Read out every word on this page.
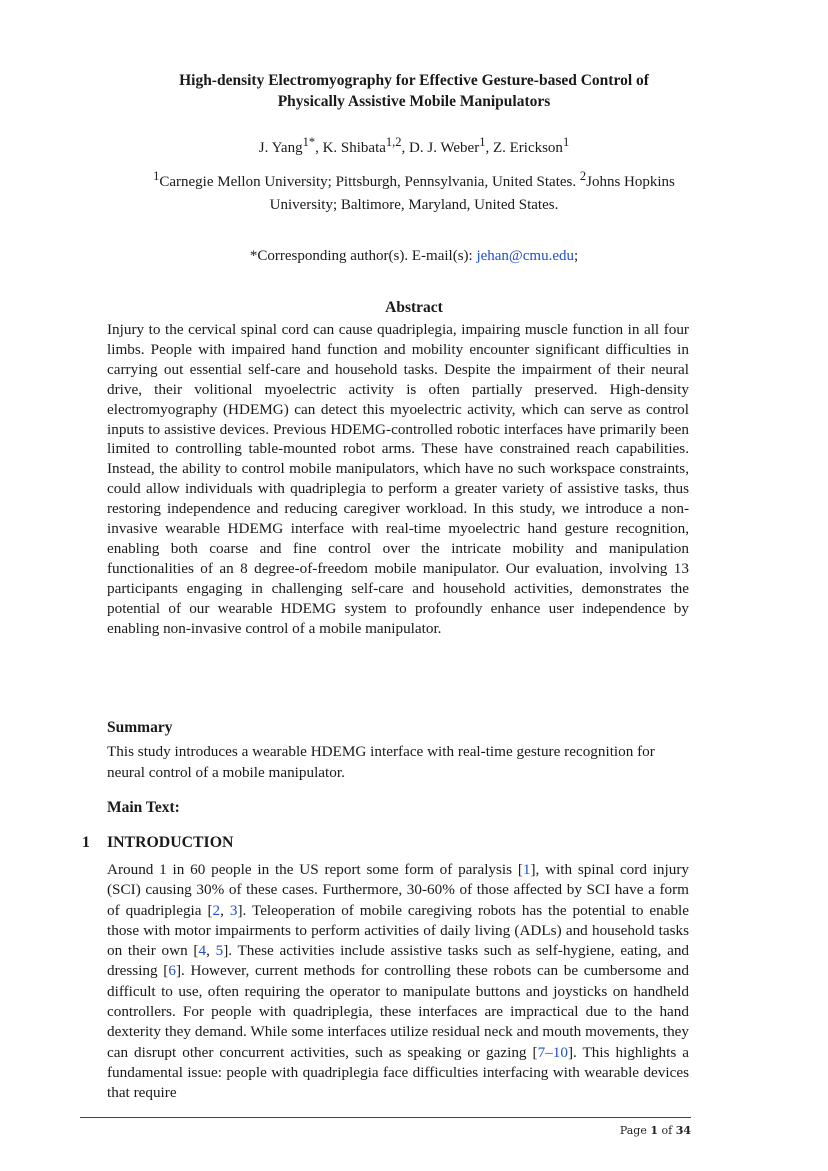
High-density Electromyography for Effective Gesture-based Control of
Physically Assistive Mobile Manipulators
J. Yang$^{1*}$, K. Shibata$^{1,2}$, D. J. Weber$^1$, Z. Erickson$^1$
$^1$Carnegie Mellon University; Pittsburgh, Pennsylvania, United States. $^2$Johns Hopkins
University; Baltimore, Maryland, United States.
*Corresponding author(s). E-mail(s): jehan@cmu.edu;
Abstract

Injury to the cervical spinal cord can cause quadriplegia, impairing muscle function in all four limbs. People with impaired hand function and mobility encounter significant difficulties in carrying out essential self-care and household tasks. Despite the impairment of their neural drive, their volitional myoelectric activity is often partially preserved. High-density electromyography (HDEMG) can detect this myoelectric activity, which can serve as control inputs to assistive devices. Previous HDEMG-controlled robotic interfaces have primarily been limited to controlling table-mounted robot arms. These have constrained reach capabilities. Instead, the ability to control mobile manipulators, which have no such workspace constraints, could allow individuals with quadriplegia to perform a greater variety of assistive tasks, thus restoring independence and reducing caregiver workload. In this study, we introduce a non-invasive wearable HDEMG interface with real-time myoelectric hand gesture recognition, enabling both coarse and fine control over the intricate mobility and manipulation functionalities of an 8 degree-of-freedom mobile manipulator. Our evaluation, involving 13 participants engaging in challenging self-care and household activities, demonstrates the potential of our wearable HDEMG system to profoundly enhance user independence by enabling non-invasive control of a mobile manipulator.

Summary

This study introduces a wearable HDEMG interface with real-time gesture recognition for neural control of a mobile manipulator.

Main Text:
1 INTRODUCTION

Around 1 in 60 people in the US report some form of paralysis [1], with spinal cord injury (SCI) causing 30% of these cases. Furthermore, 30-60% of those affected by SCI have a form of quadriplegia [2, 3]. Teleoperation of mobile caregiving robots has the potential to enable those with motor impairments to perform activities of daily living (ADLs) and household tasks on their own [4, 5]. These activities include assistive tasks such as self-hygiene, eating, and dressing [6]. However, current methods for controlling these robots can be cumbersome and difficult to use, often requiring the operator to manipulate buttons and joysticks on handheld controllers. For people with quadriplegia, these interfaces are impractical due to the hand dexterity they demand. While some interfaces utilize residual neck and mouth movements, they can disrupt other concurrent activities, such as speaking or gazing [7–10]. This highlights a fundamental issue: people with quadriplegia face difficulties interfacing with wearable devices that require

Page 1 of 34
